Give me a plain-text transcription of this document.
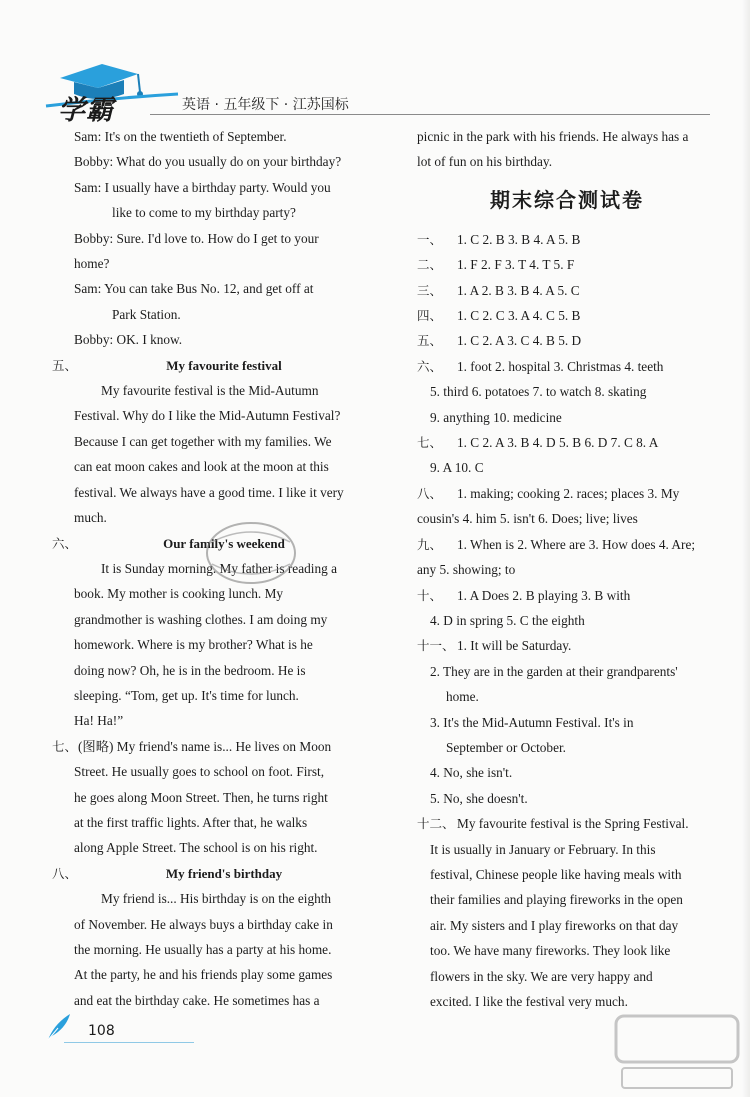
学霸	英语 · 五年级下 · 江苏国标

Sam: It's on the twentieth of September.

Bobby: What do you usually do on your birthday?

Sam: I usually have a birthday party. Would you

like to come to my birthday party?

Bobby: Sure. I'd love to. How do I get to your

home?

Sam: You can take Bus No. 12, and get off at

Park Station.

Bobby: OK. I know.

五、	My favourite festival

My favourite festival is the Mid-Autumn

Festival. Why do I like the Mid-Autumn Festival?

Because I can get together with my families. We

can eat moon cakes and look at the moon at this

festival. We always have a good time. I like it very

much.

六、	Our family's weekend

It is Sunday morning. My father is reading a

book. My mother is cooking lunch. My

grandmother is washing clothes. I am doing my

homework. Where is my brother? What is he

doing now? Oh, he is in the bedroom. He is

sleeping. “Tom, get up. It's time for lunch.

Ha! Ha!”

七、 (图略) My friend's name is... He lives on Moon

Street. He usually goes to school on foot. First,

he goes along Moon Street. Then, he turns right

at the first traffic lights. After that, he walks

along Apple Street. The school is on his right.

八、	My friend's birthday

My friend is... His birthday is on the eighth

of November. He always buys a birthday cake in

the morning. He usually has a party at his home.

At the party, he and his friends play some games

and eat the birthday cake. He sometimes has a

picnic in the park with his friends. He always has a

lot of fun on his birthday.

期末综合测试卷

一、 1. C 2. B 3. B 4. A 5. B

二、 1. F 2. F 3. T 4. T 5. F

三、 1. A 2. B 3. B 4. A 5. C

四、 1. C 2. C 3. A 4. C 5. B

五、 1. C 2. A 3. C 4. B 5. D

六、 1. foot 2. hospital 3. Christmas 4. teeth

5. third 6. potatoes 7. to watch 8. skating

9. anything 10. medicine

七、 1. C 2. A 3. B 4. D 5. B 6. D 7. C 8. A

9. A 10. C

八、 1. making; cooking 2. races; places 3. My

cousin's 4. him 5. isn't 6. Does; live; lives

九、 1. When is 2. Where are 3. How does 4. Are;

any 5. showing; to

十、 1. A Does 2. B playing 3. B with

4. D in spring 5. C the eighth

十一、 1. It will be Saturday.

2. They are in the garden at their grandparents'

home.

3. It's the Mid-Autumn Festival. It's in

September or October.

4. No, she isn't.

5. No, she doesn't.

十二、 My favourite festival is the Spring Festival.

It is usually in January or February. In this

festival, Chinese people like having meals with

their families and playing fireworks in the open

air. My sisters and I play fireworks on that day

too. We have many fireworks. They look like

flowers in the sky. We are very happy and

excited. I like the festival very much.

108
